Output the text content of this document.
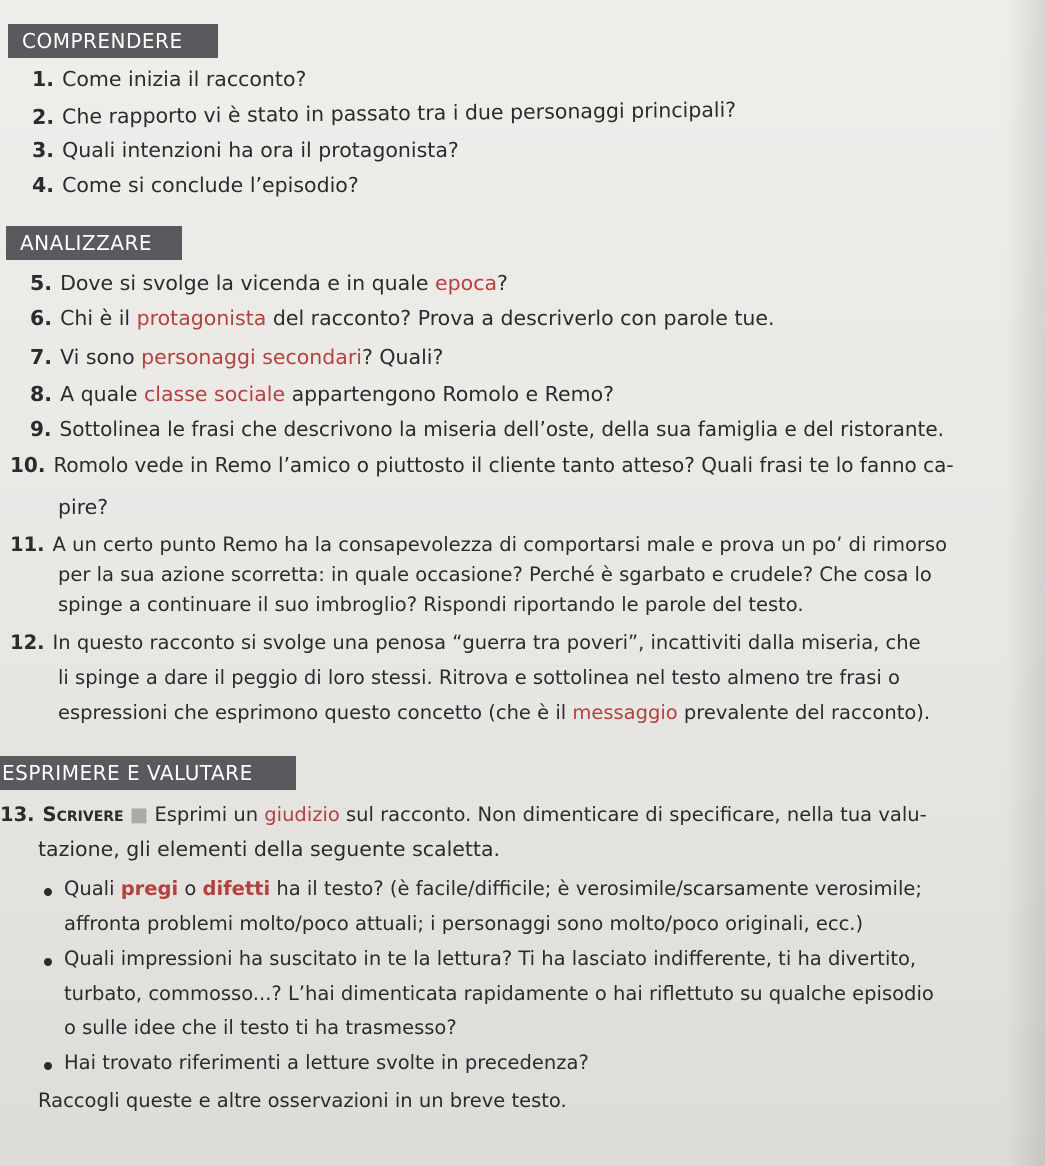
COMPRENDERE
1. Come inizia il racconto?
2. Che rapporto vi è stato in passato tra i due personaggi principali?
3. Quali intenzioni ha ora il protagonista?
4. Come si conclude l’episodio?
ANALIZZARE
5. Dove si svolge la vicenda e in quale epoca?
6. Chi è il protagonista del racconto? Prova a descriverlo con parole tue.
7. Vi sono personaggi secondari? Quali?
8. A quale classe sociale appartengono Romolo e Remo?
9. Sottolinea le frasi che descrivono la miseria dell’oste, della sua famiglia e del ristorante.
10. Romolo vede in Remo l’amico o piuttosto il cliente tanto atteso? Quali frasi te lo fanno ca-
pire?
11. A un certo punto Remo ha la consapevolezza di comportarsi male e prova un po’ di rimorso
per la sua azione scorretta: in quale occasione? Perché è sgarbato e crudele? Che cosa lo
spinge a continuare il suo imbroglio? Rispondi riportando le parole del testo.
12. In questo racconto si svolge una penosa “guerra tra poveri”, incattiviti dalla miseria, che
li spinge a dare il peggio di loro stessi. Ritrova e sottolinea nel testo almeno tre frasi o
espressioni che esprimono questo concetto (che è il messaggio prevalente del racconto).
ESPRIMERE E VALUTARE
13. Scrivere ■ Esprimi un giudizio sul racconto. Non dimenticare di specificare, nella tua valu-
tazione, gli elementi della seguente scaletta.
Quali pregi o difetti ha il testo? (è facile/difficile; è verosimile/scarsamente verosimile;
affronta problemi molto/poco attuali; i personaggi sono molto/poco originali, ecc.)
Quali impressioni ha suscitato in te la lettura? Ti ha lasciato indifferente, ti ha divertito,
turbato, commosso...? L’hai dimenticata rapidamente o hai riflettuto su qualche episodio
o sulle idee che il testo ti ha trasmesso?
Hai trovato riferimenti a letture svolte in precedenza?
Raccogli queste e altre osservazioni in un breve testo.
